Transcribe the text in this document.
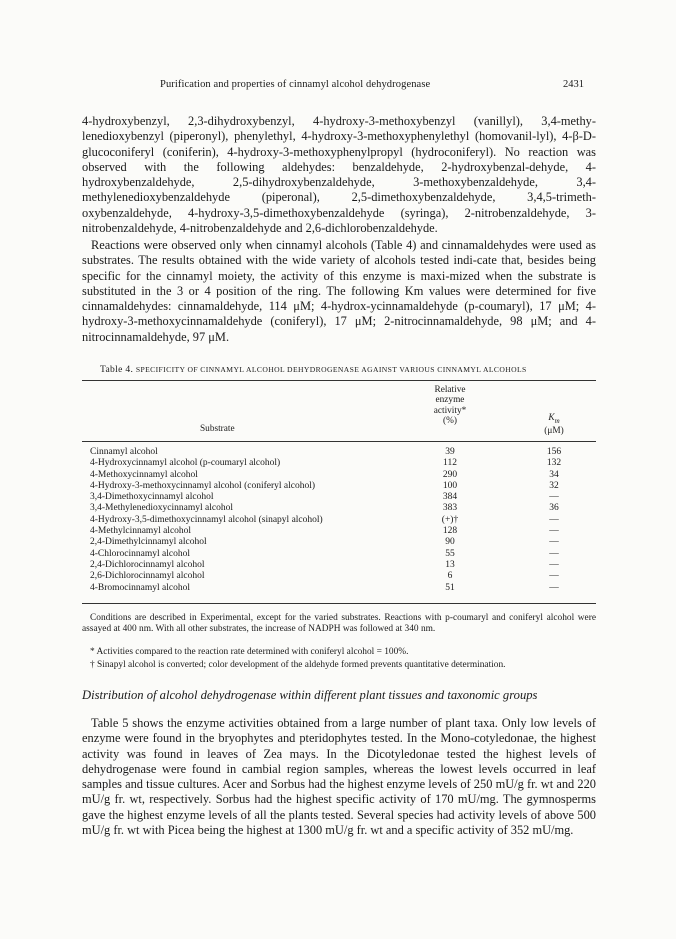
Purification and properties of cinnamyl alcohol dehydrogenase	2431

4-hydroxybenzyl, 2,3-dihydroxybenzyl, 4-hydroxy-3-methoxybenzyl (vanillyl), 3,4-methy-lenedioxybenzyl (piperonyl), phenylethyl, 4-hydroxy-3-methoxyphenylethyl (homovanil-lyl), 4-β-D-glucoconiferyl (coniferin), 4-hydroxy-3-methoxyphenylpropyl (hydroconiferyl). No reaction was observed with the following aldehydes: benzaldehyde, 2-hydroxybenzal-dehyde, 4-hydroxybenzaldehyde, 2,5-dihydroxybenzaldehyde, 3-methoxybenzaldehyde, 3,4-methylenedioxybenzaldehyde (piperonal), 2,5-dimethoxybenzaldehyde, 3,4,5-trimeth-oxybenzaldehyde, 4-hydroxy-3,5-dimethoxybenzaldehyde (syringa), 2-nitrobenzaldehyde, 3-nitrobenzaldehyde, 4-nitrobenzaldehyde and 2,6-dichlorobenzaldehyde.

Reactions were observed only when cinnamyl alcohols (Table 4) and cinnamaldehydes were used as substrates. The results obtained with the wide variety of alcohols tested indi-cate that, besides being specific for the cinnamyl moiety, the activity of this enzyme is maxi-mized when the substrate is substituted in the 3 or 4 position of the ring. The following Km values were determined for five cinnamaldehydes: cinnamaldehyde, 114 μM; 4-hydrox-ycinnamaldehyde (p-coumaryl), 17 μM; 4-hydroxy-3-methoxycinnamaldehyde (coniferyl), 17 μM; 2-nitrocinnamaldehyde, 98 μM; and 4-nitrocinnamaldehyde, 97 μM.

Table 4. SPECIFICITY OF CINNAMYL ALCOHOL DEHYDROGENASE AGAINST VARIOUS CINNAMYL ALCOHOLS
Substrate
Relative
enzyme
activity*
(%)	$K_m$
(μM)
Cinnamyl alcohol	39	156
4-Hydroxycinnamyl alcohol (p-coumaryl alcohol)	112	132
4-Methoxycinnamyl alcohol	290	34
4-Hydroxy-3-methoxycinnamyl alcohol (coniferyl alcohol)	100	32
3,4-Dimethoxycinnamyl alcohol	384	—
3,4-Methylenedioxycinnamyl alcohol	383	36
4-Hydroxy-3,5-dimethoxycinnamyl alcohol (sinapyl alcohol)	(+)†	—
4-Methylcinnamyl alcohol	128	—
2,4-Dimethylcinnamyl alcohol	90	—
4-Chlorocinnamyl alcohol	55	—
2,4-Dichlorocinnamyl alcohol	13	—
2,6-Dichlorocinnamyl alcohol	6	—
4-Bromocinnamyl alcohol	51	—
Conditions are described in Experimental, except for the varied substrates. Reactions with p-coumaryl and coniferyl alcohol were assayed at 400 nm. With all other substrates, the increase of NADPH was followed at 340 nm.
* Activities compared to the reaction rate determined with coniferyl alcohol = 100%.
† Sinapyl alcohol is converted; color development of the aldehyde formed prevents quantitative determination.
Distribution of alcohol dehydrogenase within different plant tissues and taxonomic groups

Table 5 shows the enzyme activities obtained from a large number of plant taxa. Only low levels of enzyme were found in the bryophytes and pteridophytes tested. In the Mono-cotyledonae, the highest activity was found in leaves of Zea mays. In the Dicotyledonae tested the highest levels of dehydrogenase were found in cambial region samples, whereas the lowest levels occurred in leaf samples and tissue cultures. Acer and Sorbus had the highest enzyme levels of 250 mU/g fr. wt and 220 mU/g fr. wt, respectively. Sorbus had the highest specific activity of 170 mU/mg. The gymnosperms gave the highest enzyme levels of all the plants tested. Several species had activity levels of above 500 mU/g fr. wt with Picea being the highest at 1300 mU/g fr. wt and a specific activity of 352 mU/mg.
